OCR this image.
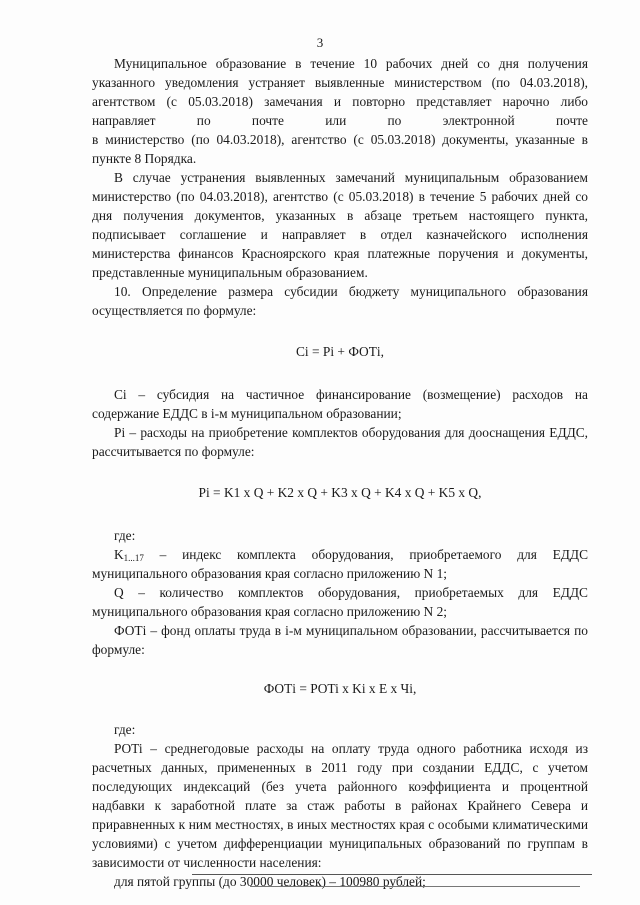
3

Муниципальное образование в течение 10 рабочих дней со дня получения указанного уведомления устраняет выявленные министерством (по 04.03.2018), агентством (с 05.03.2018) замечания и повторно представляет нарочно либо направляет по почте или по электронной почте

в министерство (по 04.03.2018), агентство (с 05.03.2018) документы, указанные в пункте 8 Порядка.

В случае устранения выявленных замечаний муниципальным образованием министерство (по 04.03.2018), агентство (с 05.03.2018) в течение 5 рабочих дней со дня получения документов, указанных в абзаце третьем настоящего пункта, подписывает соглашение и направляет в отдел казначейского исполнения министерства финансов Красноярского края платежные поручения и документы, представленные муниципальным образованием.

10. Определение размера субсидии бюджету муниципального образования осуществляется по формуле:

Ci = Pi + ФОТi,

Ci – субсидия на частичное финансирование (возмещение) расходов на содержание ЕДДС в i-м муниципальном образовании;

Pi – расходы на приобретение комплектов оборудования для дооснащения ЕДДС, рассчитывается по формуле:

Pi = K1 x Q + K2 x Q + K3 x Q + K4 x Q + K5 x Q,

где:

$K_{1...17}$ – индекс комплекта оборудования, приобретаемого для ЕДДС муниципального образования края согласно приложению N 1;

Q – количество комплектов оборудования, приобретаемых для ЕДДС муниципального образования края согласно приложению N 2;

ФОТi – фонд оплаты труда в i-м муниципальном образовании, рассчитывается по формуле:

ФОТi = POTi x Ki x E x Чi,

где:

POTi – среднегодовые расходы на оплату труда одного работника исходя из расчетных данных, примененных в 2011 году при создании ЕДДС, с учетом последующих индексаций (без учета районного коэффициента и процентной надбавки к заработной плате за стаж работы в районах Крайнего Севера и приравненных к ним местностях, в иных местностях края с особыми климатическими условиями) с учетом дифференциации муниципальных образований по группам в зависимости от численности населения:

для пятой группы (до 30000 человек) – 100980 рублей;
